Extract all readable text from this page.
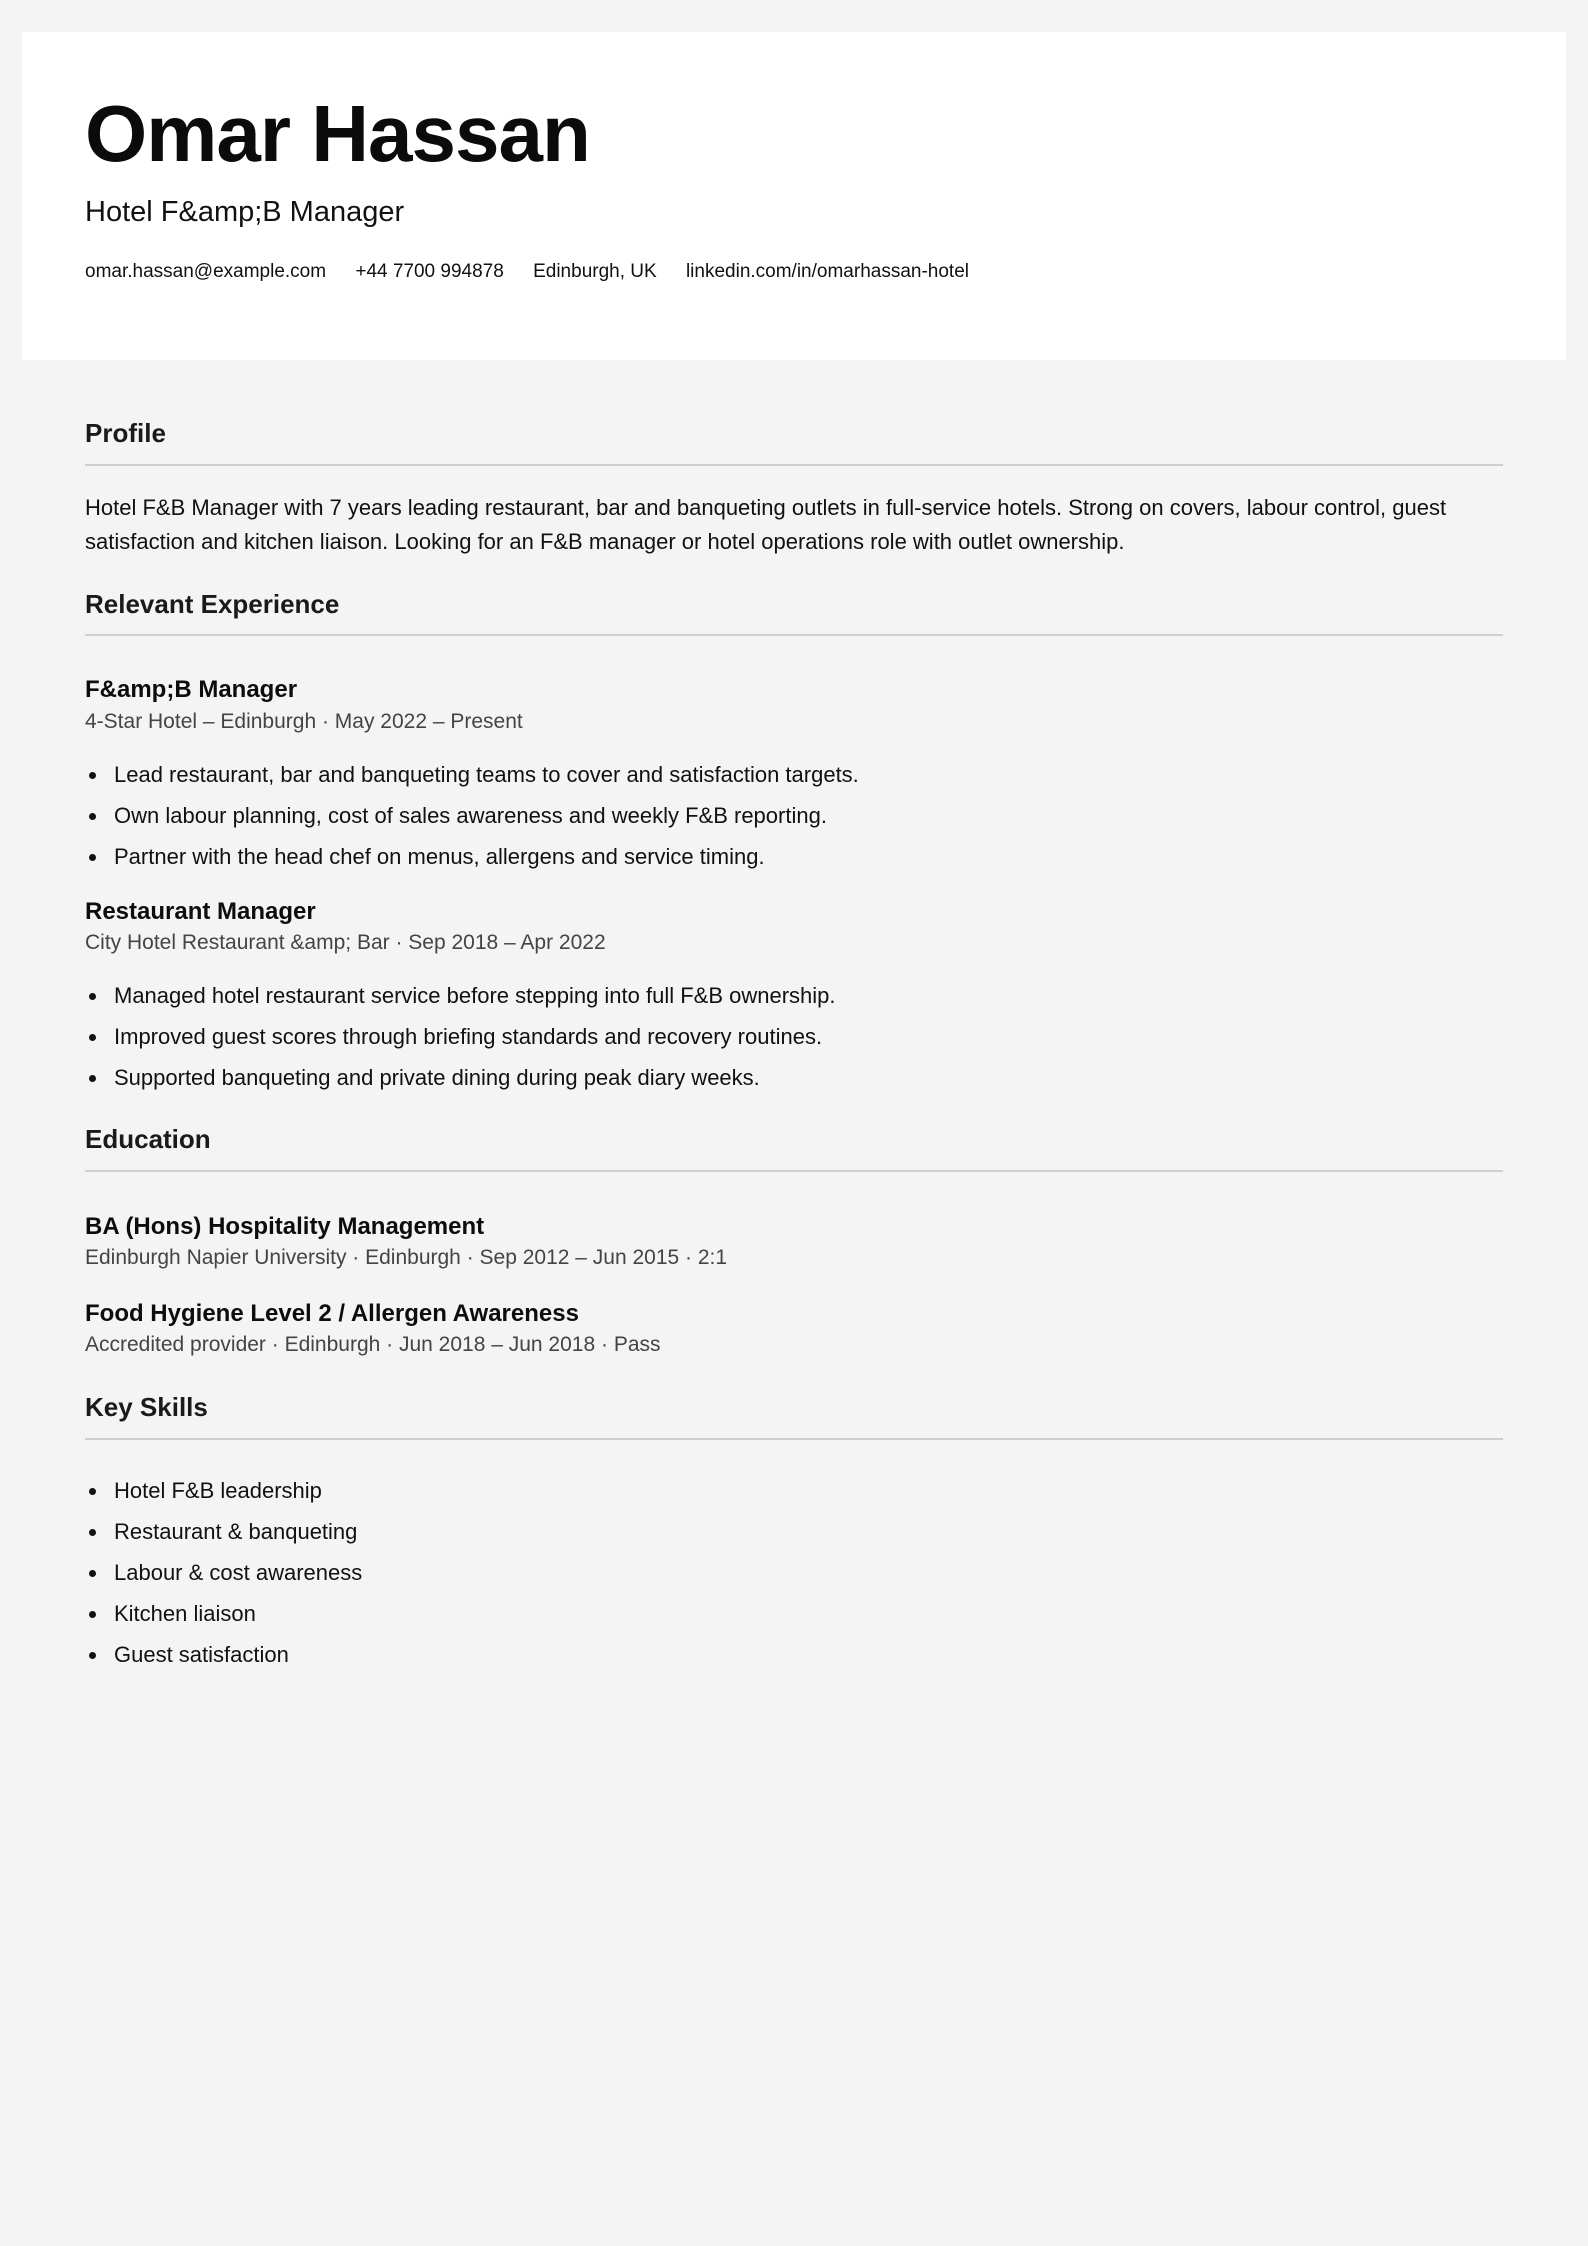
Omar Hassan
Hotel F&amp;B Manager
omar.hassan@example.com +44 7700 994878 Edinburgh, UK linkedin.com/in/omarhassan-hotel
Profile
Hotel F&B Manager with 7 years leading restaurant, bar and banqueting outlets in full-service hotels. Strong on covers, labour control, guest satisfaction and kitchen liaison. Looking for an F&B manager or hotel operations role with outlet ownership.
Relevant Experience
F&amp;B Manager
4-Star Hotel – Edinburgh · May 2022 – Present
Lead restaurant, bar and banqueting teams to cover and satisfaction targets.
Own labour planning, cost of sales awareness and weekly F&B reporting.
Partner with the head chef on menus, allergens and service timing.
Restaurant Manager
City Hotel Restaurant &amp; Bar · Sep 2018 – Apr 2022
Managed hotel restaurant service before stepping into full F&B ownership.
Improved guest scores through briefing standards and recovery routines.
Supported banqueting and private dining during peak diary weeks.
Education
BA (Hons) Hospitality Management
Edinburgh Napier University · Edinburgh · Sep 2012 – Jun 2015 · 2:1
Food Hygiene Level 2 / Allergen Awareness
Accredited provider · Edinburgh · Jun 2018 – Jun 2018 · Pass
Key Skills
Hotel F&B leadership
Restaurant & banqueting
Labour & cost awareness
Kitchen liaison
Guest satisfaction
